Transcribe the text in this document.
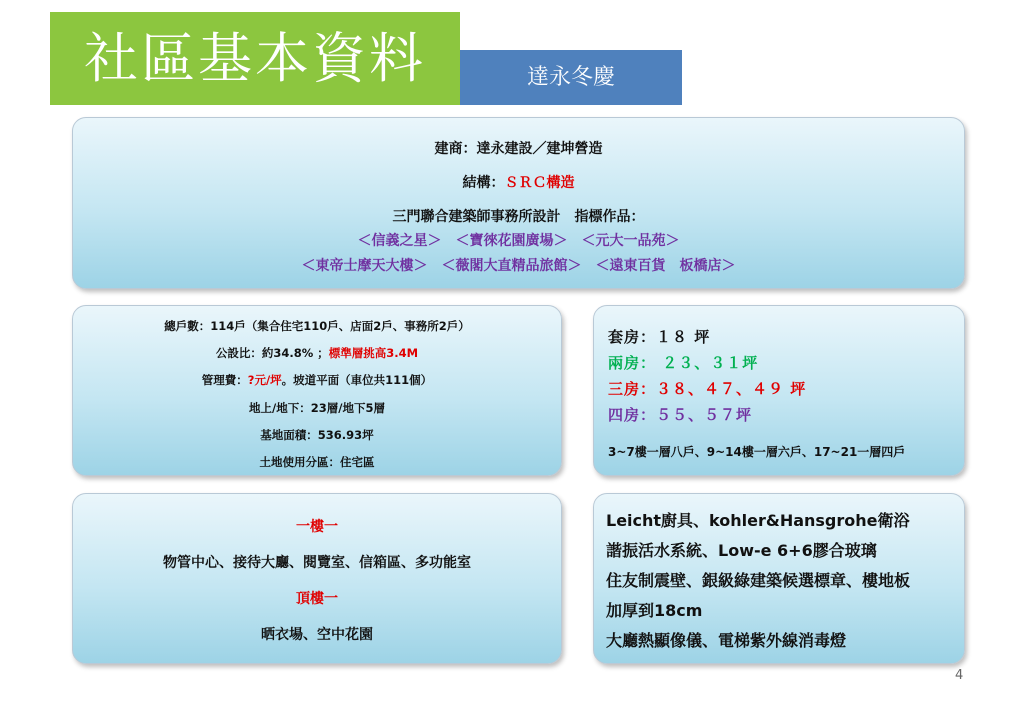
社區基本資料	達永冬慶
建商：達永建設／建坤營造
結構：ＳＲＣ構造
三門聯合建築師事務所設計　指標作品：
＜信義之星＞　＜寶徠花園廣場＞　＜元大一品苑＞
＜東帝士摩天大樓＞　＜薇閣大直精品旅館＞　＜遠東百貨　板橋店＞
總戶數：114戶（集合住宅110戶、店面2戶、事務所2戶）
公設比：約34.8% ；標準層挑高3.4M
管理費：?元/坪。坡道平面（車位共111個）
地上/地下：23層/地下5層
基地面積：536.93坪
土地使用分區：住宅區
套房：１８ 坪
兩房： ２３、３１坪
三房：３８、４７、４９ 坪
四房：５５、５７坪
3~7樓一層八戶、9~14樓一層六戶、17~21一層四戶
一樓一
物管中心、接待大廳、閱覽室、信箱區、多功能室
頂樓一
晒衣場、空中花園
Leicht廚具、kohler&Hansgrohe衛浴
諧振活水系統、Low-e 6+6膠合玻璃
住友制震壁、銀級綠建築候選標章、樓地板
加厚到18cm
大廳熱顯像儀、電梯紫外線消毒燈
4
